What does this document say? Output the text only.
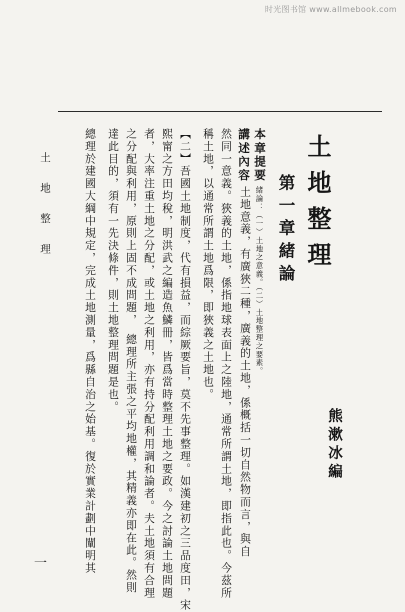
时光图书馆 www.allmebook.com
土地整理
第一章
緒論
本章提要
緒論：（一）土地之意義。（二）土地整理之要素。
講述內容
土地意義，有廣狹二種，廣義的土地，係概括一切自然物而言，與自
然同一意義。狹義的土地，係指地球表面上之陸地，通常所謂土地，即指此也。今茲所
稱土地，以通常所謂土地爲限，即狹義之土地也。
【二】吾國土地制度，代有損益，而綜厥要旨，莫不先事整理。如漢建初之三品度田，宋
熙甯之方田均稅，明洪武之編造魚鱗冊，皆爲當時整理土地之要政。今之討論土地問題
者，大率注重土地之分配，或土地之利用，亦有持分配利用調和論者。夫土地須有合理
之分配與利用，原則上固不成問題，　總理所主張之平均地權，其精義亦即在此。然則
達此目的，須有一先決條件，則土地整理問題是也。
總理於建國大綱中規定，完成土地測量，爲縣自治之始基。復於實業計劃中闡明其	熊漱冰編
土地整理
一
